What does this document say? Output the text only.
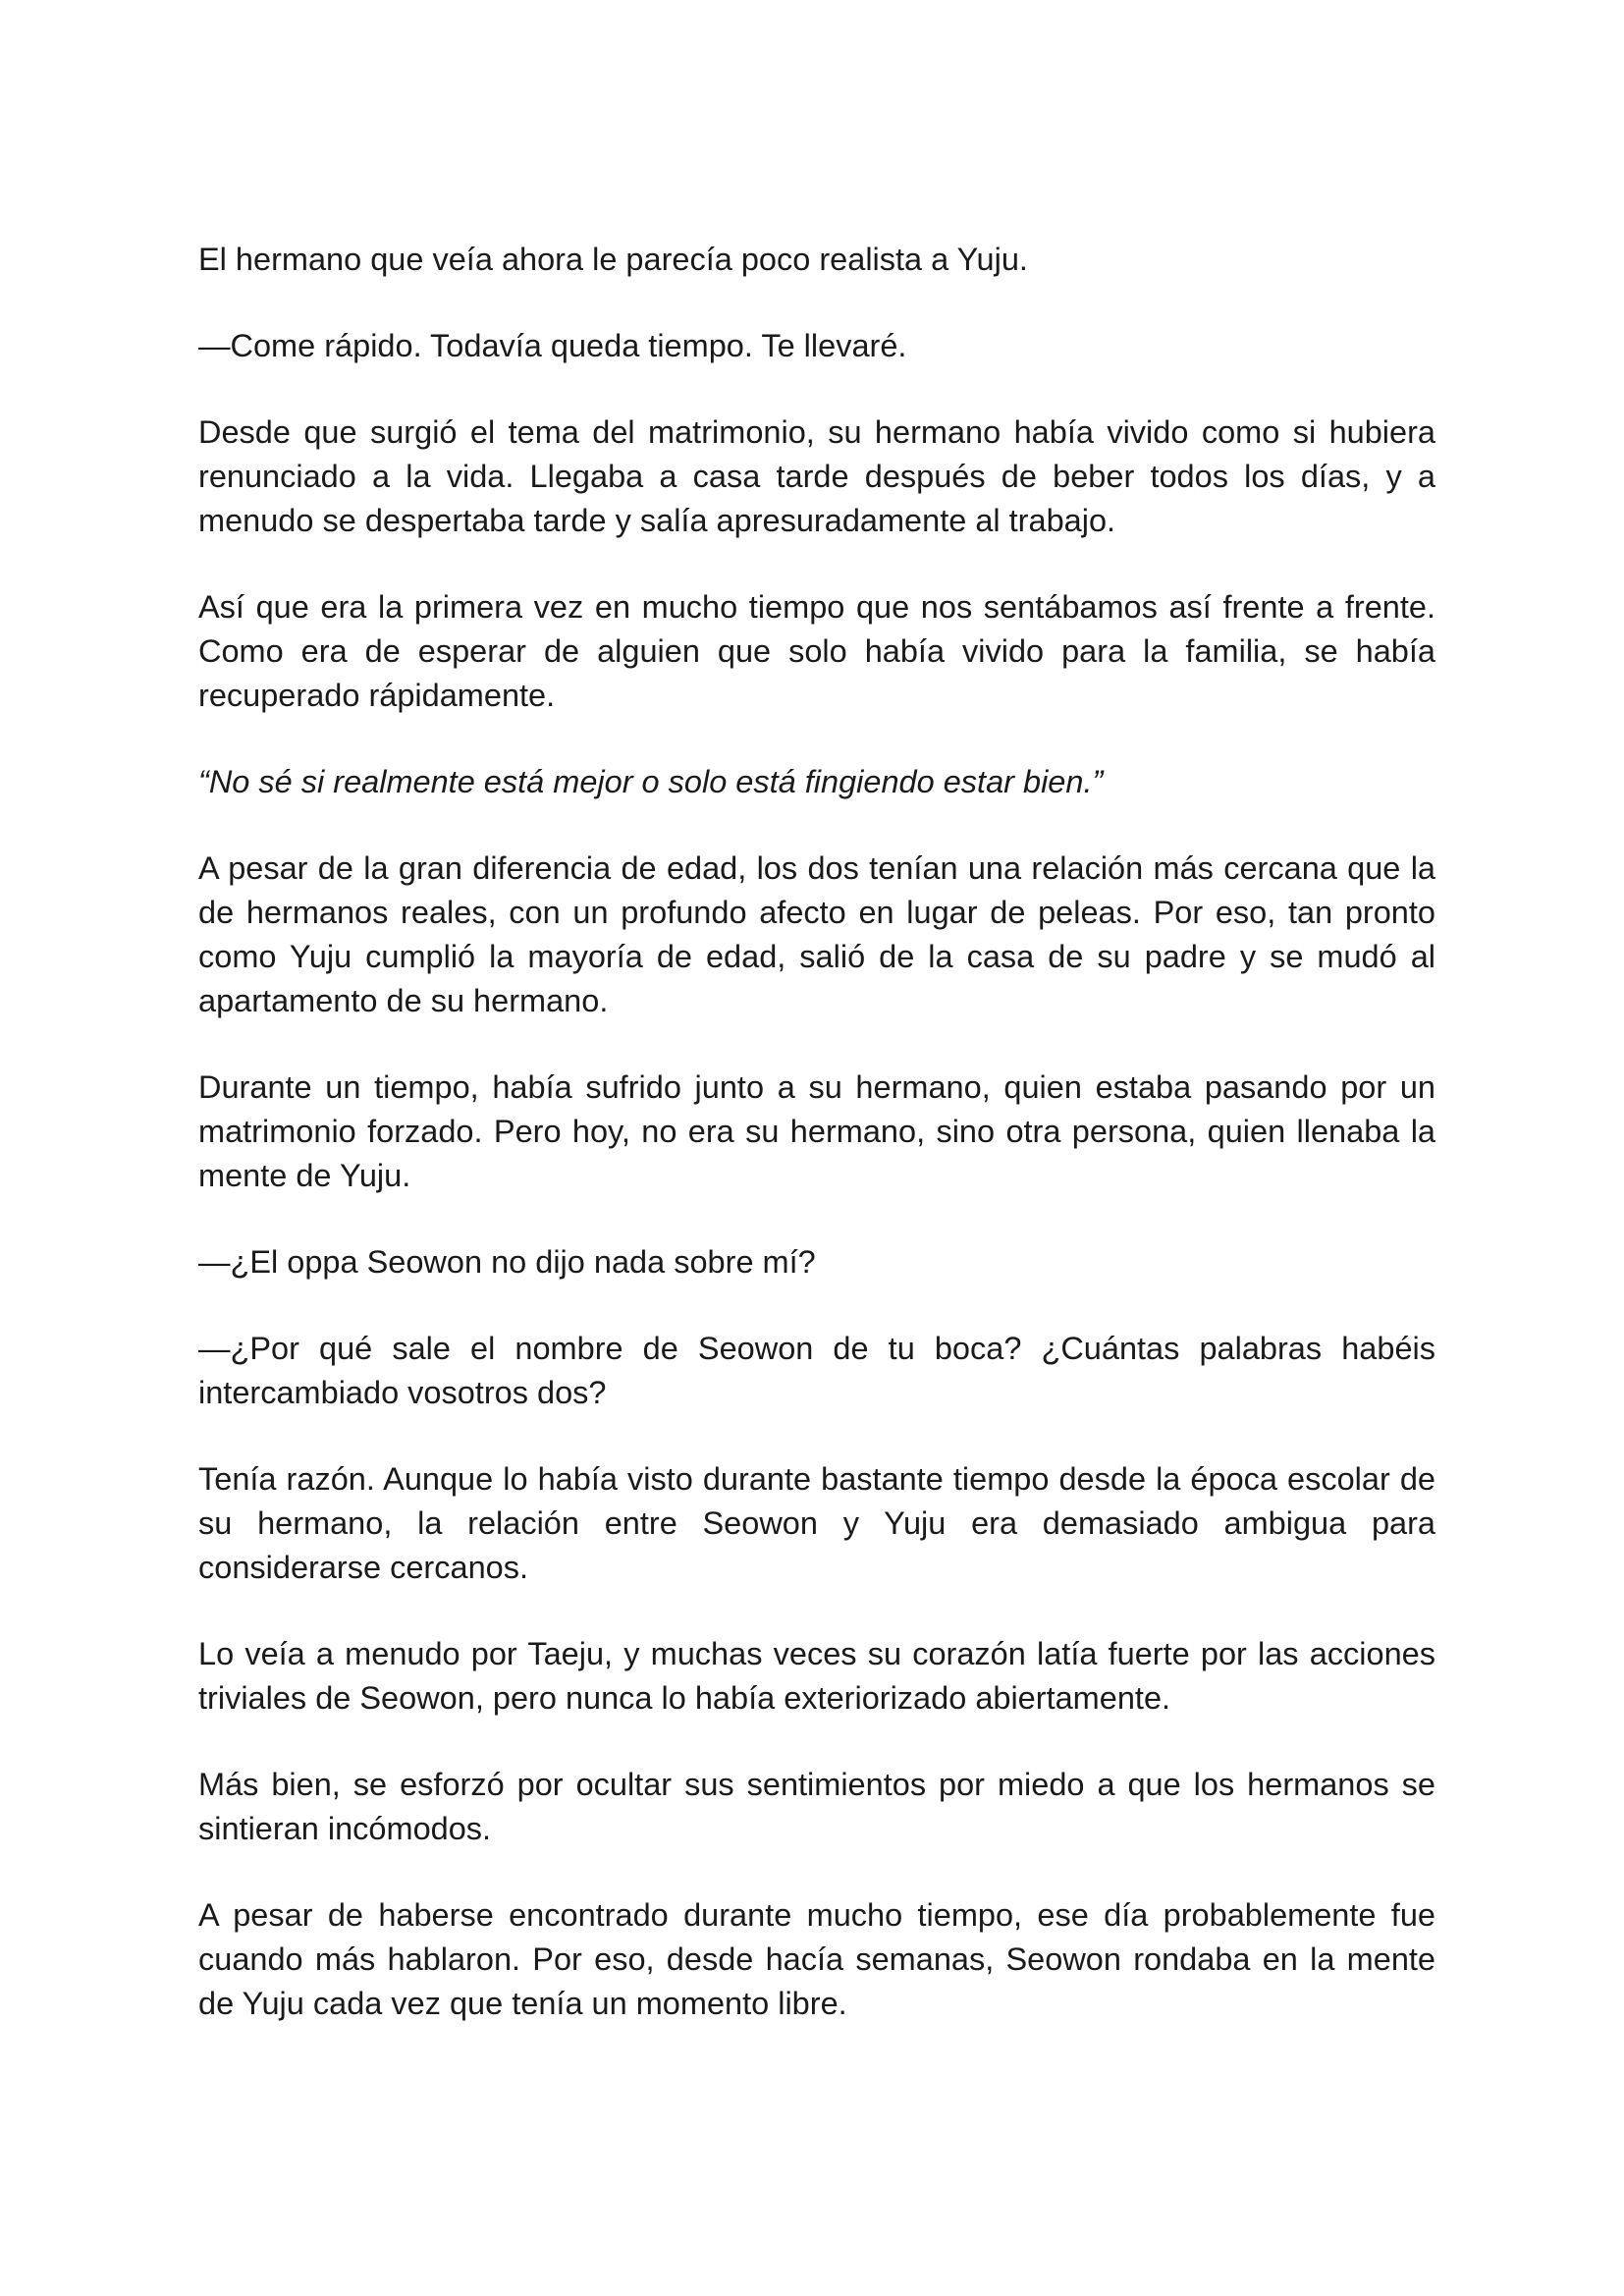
El hermano que veía ahora le parecía poco realista a Yuju.

—Come rápido. Todavía queda tiempo. Te llevaré.

Desde que surgió el tema del matrimonio, su hermano había vivido como si hubiera renunciado a la vida. Llegaba a casa tarde después de beber todos los días, y a menudo se despertaba tarde y salía apresuradamente al trabajo.

Así que era la primera vez en mucho tiempo que nos sentábamos así frente a frente. Como era de esperar de alguien que solo había vivido para la familia, se había recuperado rápidamente.

“No sé si realmente está mejor o solo está fingiendo estar bien.”

A pesar de la gran diferencia de edad, los dos tenían una relación más cercana que la de hermanos reales, con un profundo afecto en lugar de peleas. Por eso, tan pronto como Yuju cumplió la mayoría de edad, salió de la casa de su padre y se mudó al apartamento de su hermano.

Durante un tiempo, había sufrido junto a su hermano, quien estaba pasando por un matrimonio forzado. Pero hoy, no era su hermano, sino otra persona, quien llenaba la mente de Yuju.

—¿El oppa Seowon no dijo nada sobre mí?

—¿Por qué sale el nombre de Seowon de tu boca? ¿Cuántas palabras habéis intercambiado vosotros dos?

Tenía razón. Aunque lo había visto durante bastante tiempo desde la época escolar de su hermano, la relación entre Seowon y Yuju era demasiado ambigua para considerarse cercanos.

Lo veía a menudo por Taeju, y muchas veces su corazón latía fuerte por las acciones triviales de Seowon, pero nunca lo había exteriorizado abiertamente.

Más bien, se esforzó por ocultar sus sentimientos por miedo a que los hermanos se sintieran incómodos.

A pesar de haberse encontrado durante mucho tiempo, ese día probablemente fue cuando más hablaron. Por eso, desde hacía semanas, Seowon rondaba en la mente de Yuju cada vez que tenía un momento libre.
